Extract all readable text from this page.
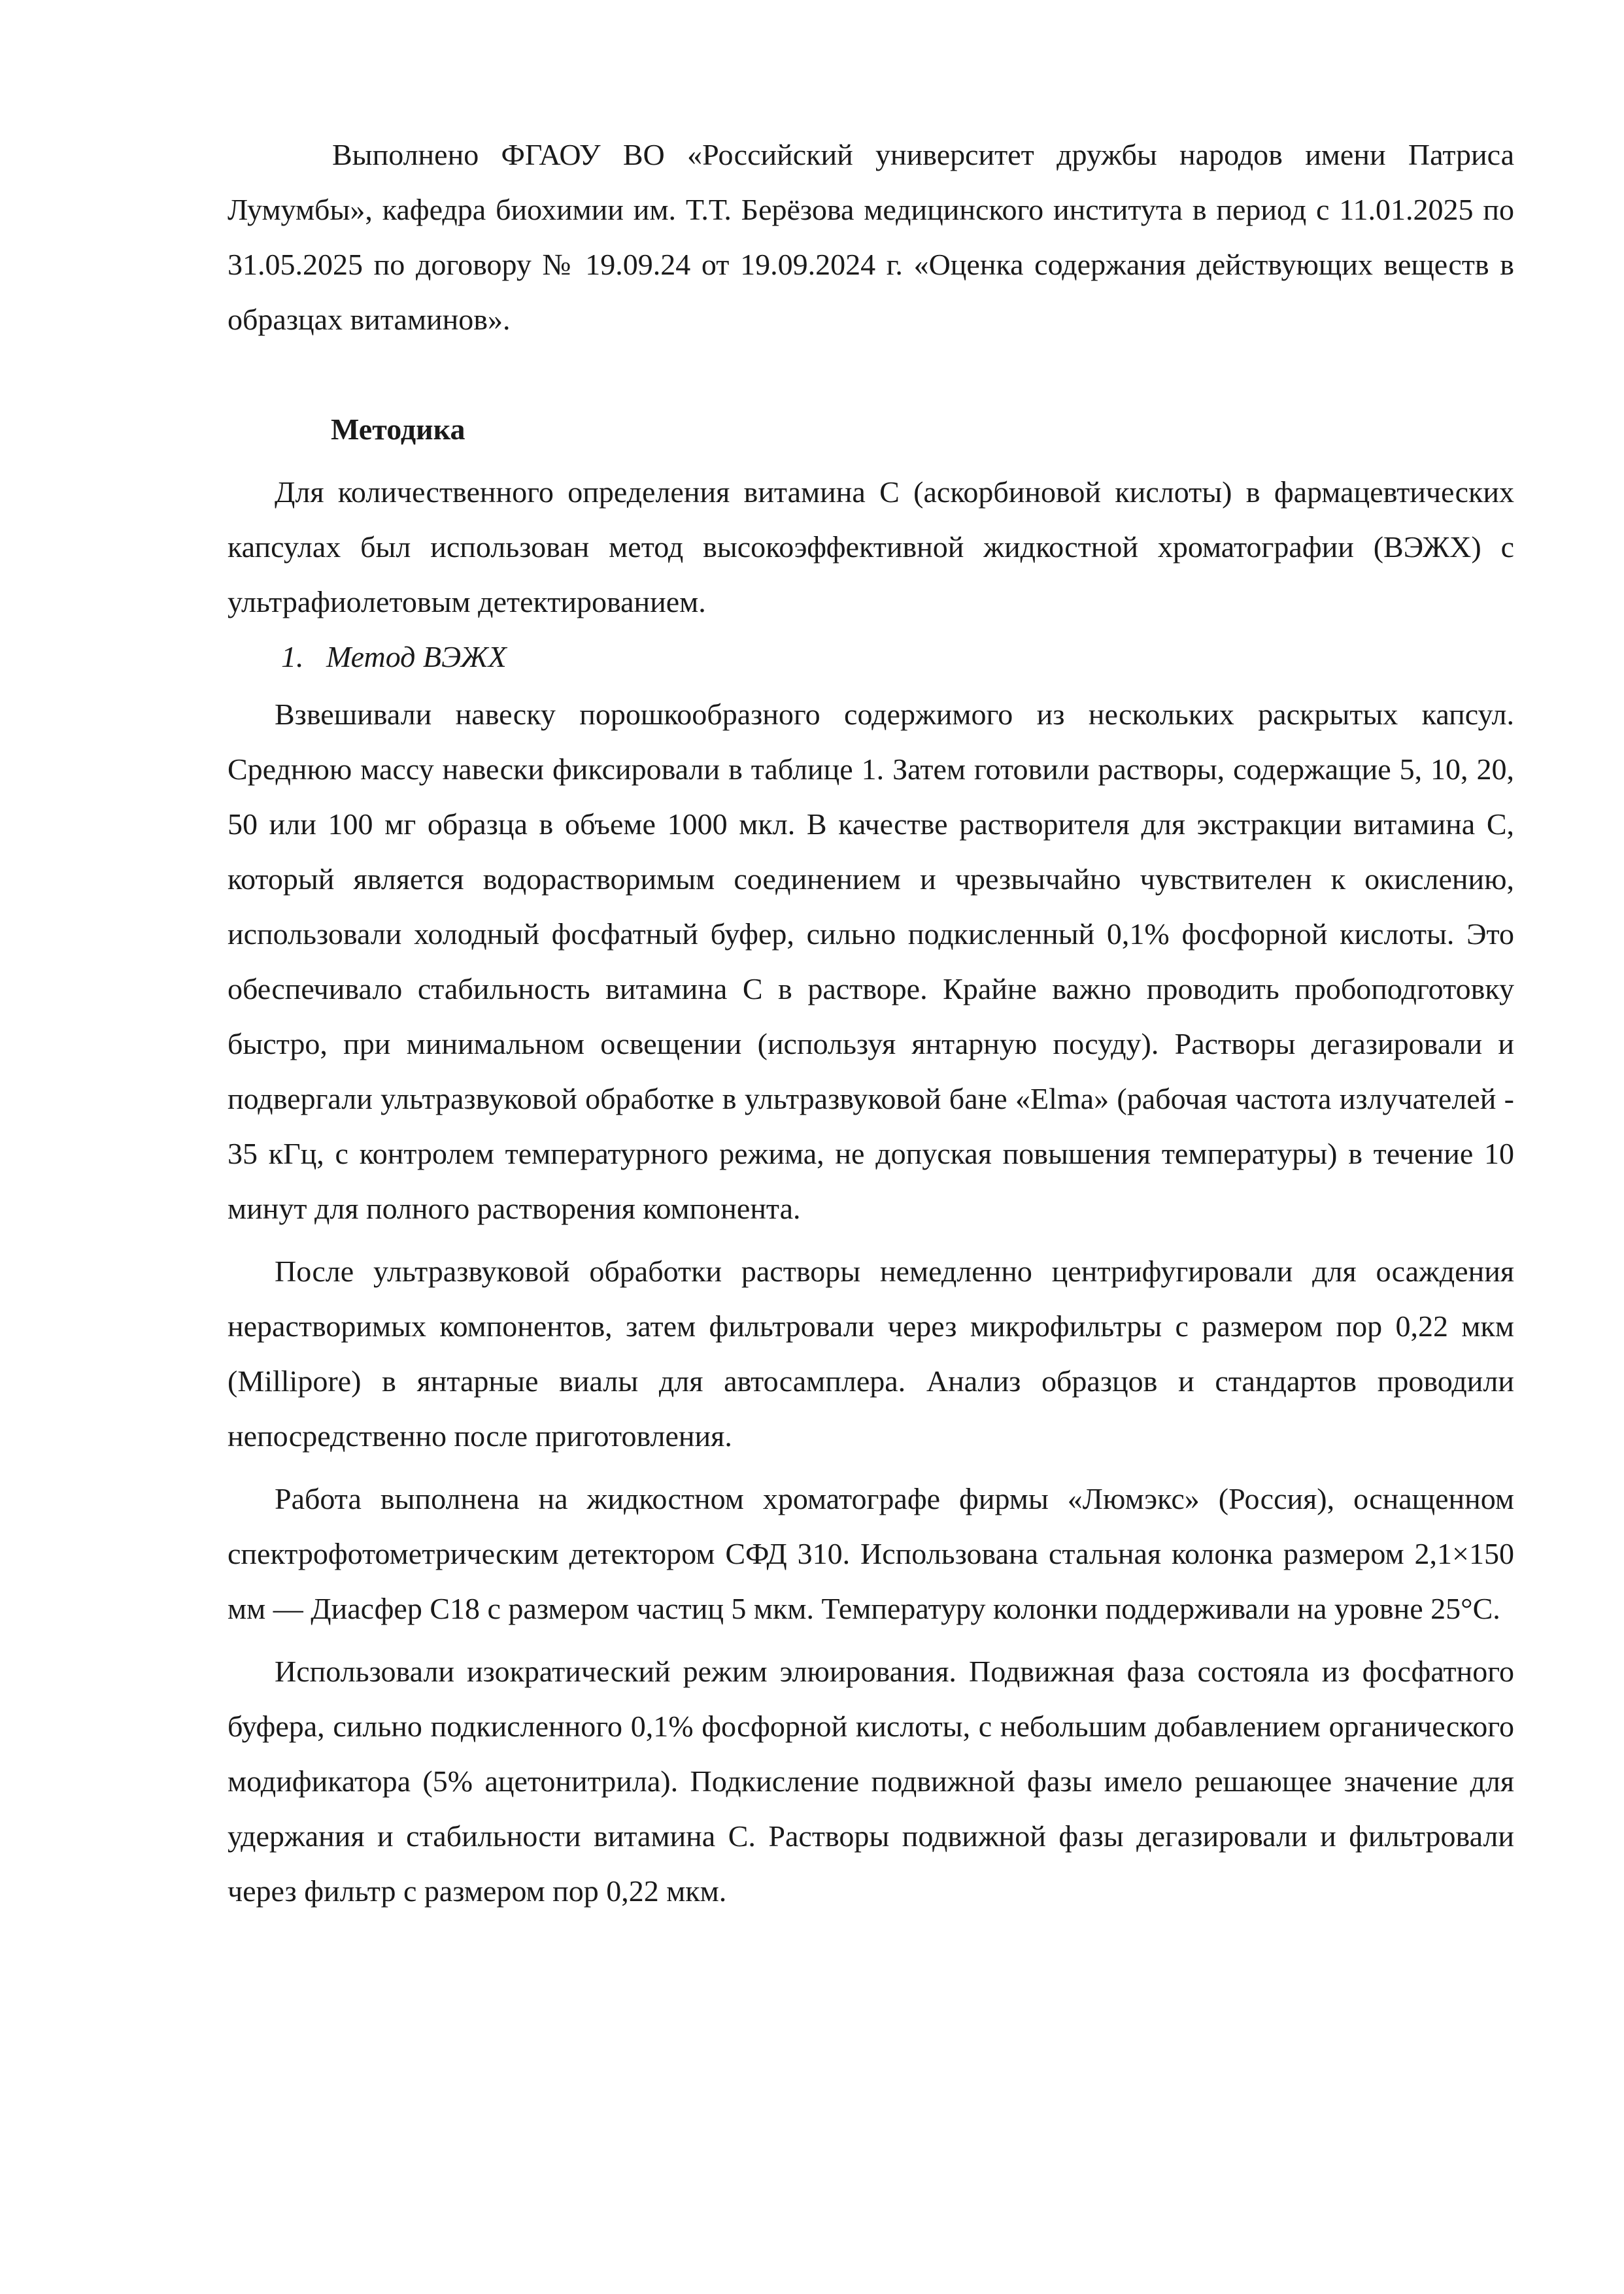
Выполнено ФГАОУ ВО «Российский университет дружбы народов имени Патриса Лумумбы», кафедра биохимии им. Т.Т. Берёзова медицинского института в период с 11.01.2025 по 31.05.2025 по договору № 19.09.24 от 19.09.2024 г. «Оценка содержания действующих веществ в образцах витаминов».

Методика

Для количественного определения витамина С (аскорбиновой кислоты) в фармацевтических капсулах был использован метод высокоэффективной жидкостной хроматографии (ВЭЖХ) с ультрафиолетовым детектированием.

1. Метод ВЭЖХ

Взвешивали навеску порошкообразного содержимого из нескольких раскрытых капсул. Среднюю массу навески фиксировали в таблице 1. Затем готовили растворы, содержащие 5, 10, 20, 50 или 100 мг образца в объеме 1000 мкл. В качестве растворителя для экстракции витамина С, который является водорастворимым соединением и чрезвычайно чувствителен к окислению, использовали холодный фосфатный буфер, сильно подкисленный 0,1% фосфорной кислоты. Это обеспечивало стабильность витамина С в растворе. Крайне важно проводить пробоподготовку быстро, при минимальном освещении (используя янтарную посуду). Растворы дегазировали и подвергали ультразвуковой обработке в ультразвуковой бане «Elma» (рабочая частота излучателей - 35 кГц, с контролем температурного режима, не допуская повышения температуры) в течение 10 минут для полного растворения компонента.

После ультразвуковой обработки растворы немедленно центрифугировали для осаждения нерастворимых компонентов, затем фильтровали через микрофильтры с размером пор 0,22 мкм (Millipore) в янтарные виалы для автосамплера. Анализ образцов и стандартов проводили непосредственно после приготовления.

Работа выполнена на жидкостном хроматографе фирмы «Люмэкс» (Россия), оснащенном спектрофотометрическим детектором СФД 310. Использована стальная колонка размером 2,1×150 мм — Диасфер С18 с размером частиц 5 мкм. Температуру колонки поддерживали на уровне 25°С.

Использовали изократический режим элюирования. Подвижная фаза состояла из фосфатного буфера, сильно подкисленного 0,1% фосфорной кислоты, с небольшим добавлением органического модификатора (5% ацетонитрила). Подкисление подвижной фазы имело решающее значение для удержания и стабильности витамина С. Растворы подвижной фазы дегазировали и фильтровали через фильтр с размером пор 0,22 мкм.
